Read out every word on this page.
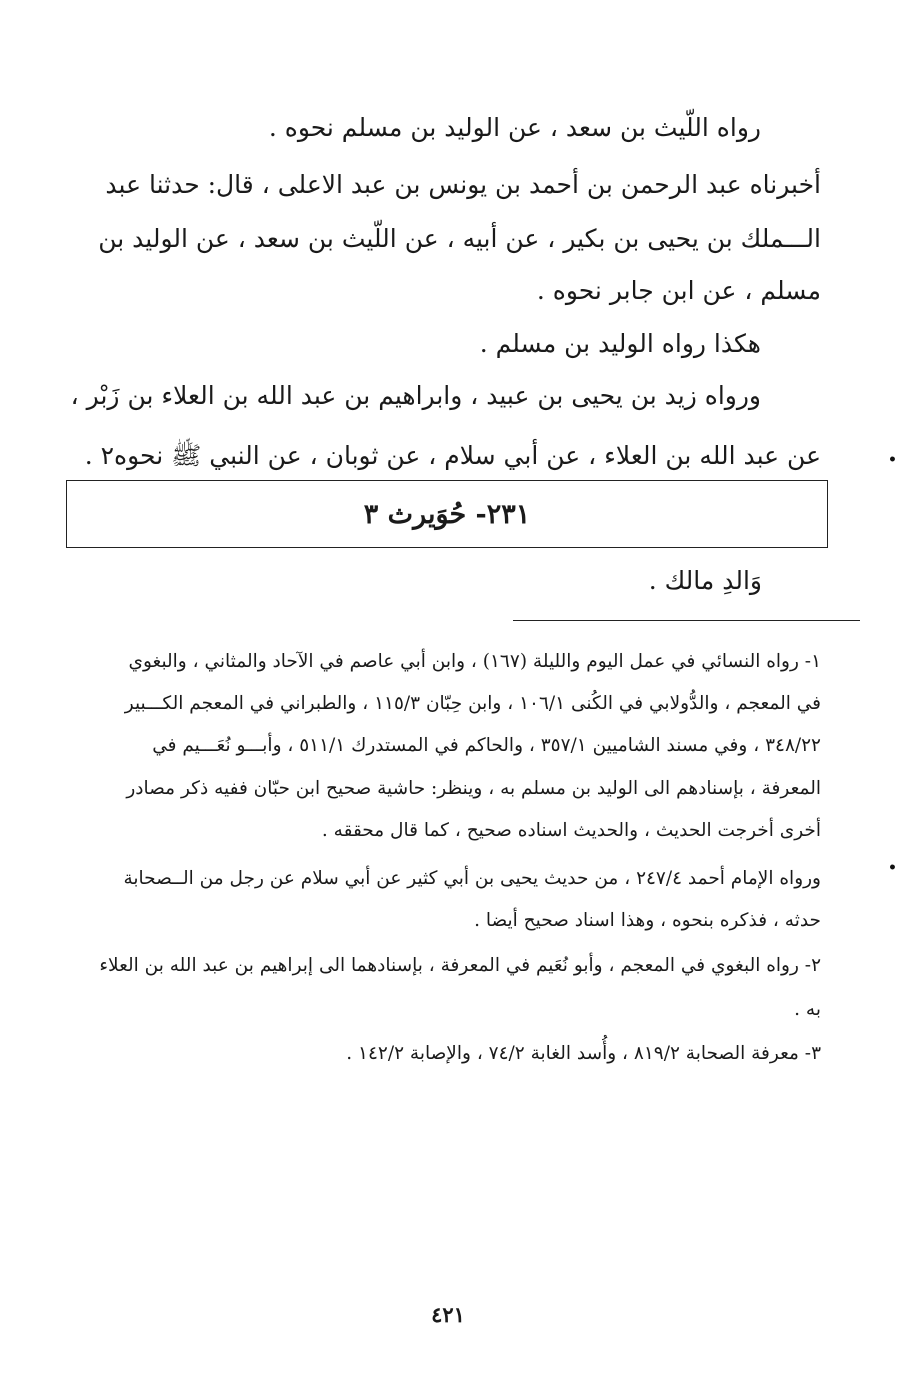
رواه اللّيث بن سعد ، عن الوليد بن مسلم نحوه .
أخبرناه عبد الرحمن بن أحمد بن يونس بن عبد الاعلى ، قال: حدثنا عبد
الـــملك بن يحيى بن بكير ، عن أبيه ، عن اللّيث بن سعد ، عن الوليد بن
مسلم ، عن ابن جابر نحوه .
هكذا رواه الوليد بن مسلم .
ورواه زيد بن يحيى بن عبيد ، وابراهيم بن عبد الله بن العلاء بن زَبْر ،
عن عبد الله بن العلاء ، عن أبي سلام ، عن ثوبان ، عن النبي ﷺ نحوه٢ .
٢٣١- حُوَيرث ٣
وَالدِ مالك .
١- رواه النسائي في عمل اليوم والليلة (١٦٧) ، وابن أبي عاصم في الآحاد والمثاني ، والبغوي
في المعجم ، والدُّولابي في الكُنى ١٠٦/١ ، وابن حِبّان ١١٥/٣ ، والطبراني في المعجم الكـــبير
٣٤٨/٢٢ ، وفي مسند الشاميين ٣٥٧/١ ، والحاكم في المستدرك ٥١١/١ ، وأبـــو نُعَـــيم في
المعرفة ، بإسنادهم الى الوليد بن مسلم به ، وينظر: حاشية صحيح ابن حبّان ففيه ذكر مصادر
أخرى أخرجت الحديث ، والحديث اسناده صحيح ، كما قال محققه .
ورواه الإمام أحمد ٢٤٧/٤ ، من حديث يحيى بن أبي كثير عن أبي سلام عن رجل من الــصحابة
حدثه ، فذكره بنحوه ، وهذا اسناد صحيح أيضا .
٢- رواه البغوي في المعجم ، وأبو نُعَيم في المعرفة ، بإسنادهما الى إبراهيم بن عبد الله بن العلاء
به .
٣- معرفة الصحابة ٨١٩/٢ ، وأُسد الغابة ٧٤/٢ ، والإصابة ١٤٢/٢ .
٤٢١
•
•
